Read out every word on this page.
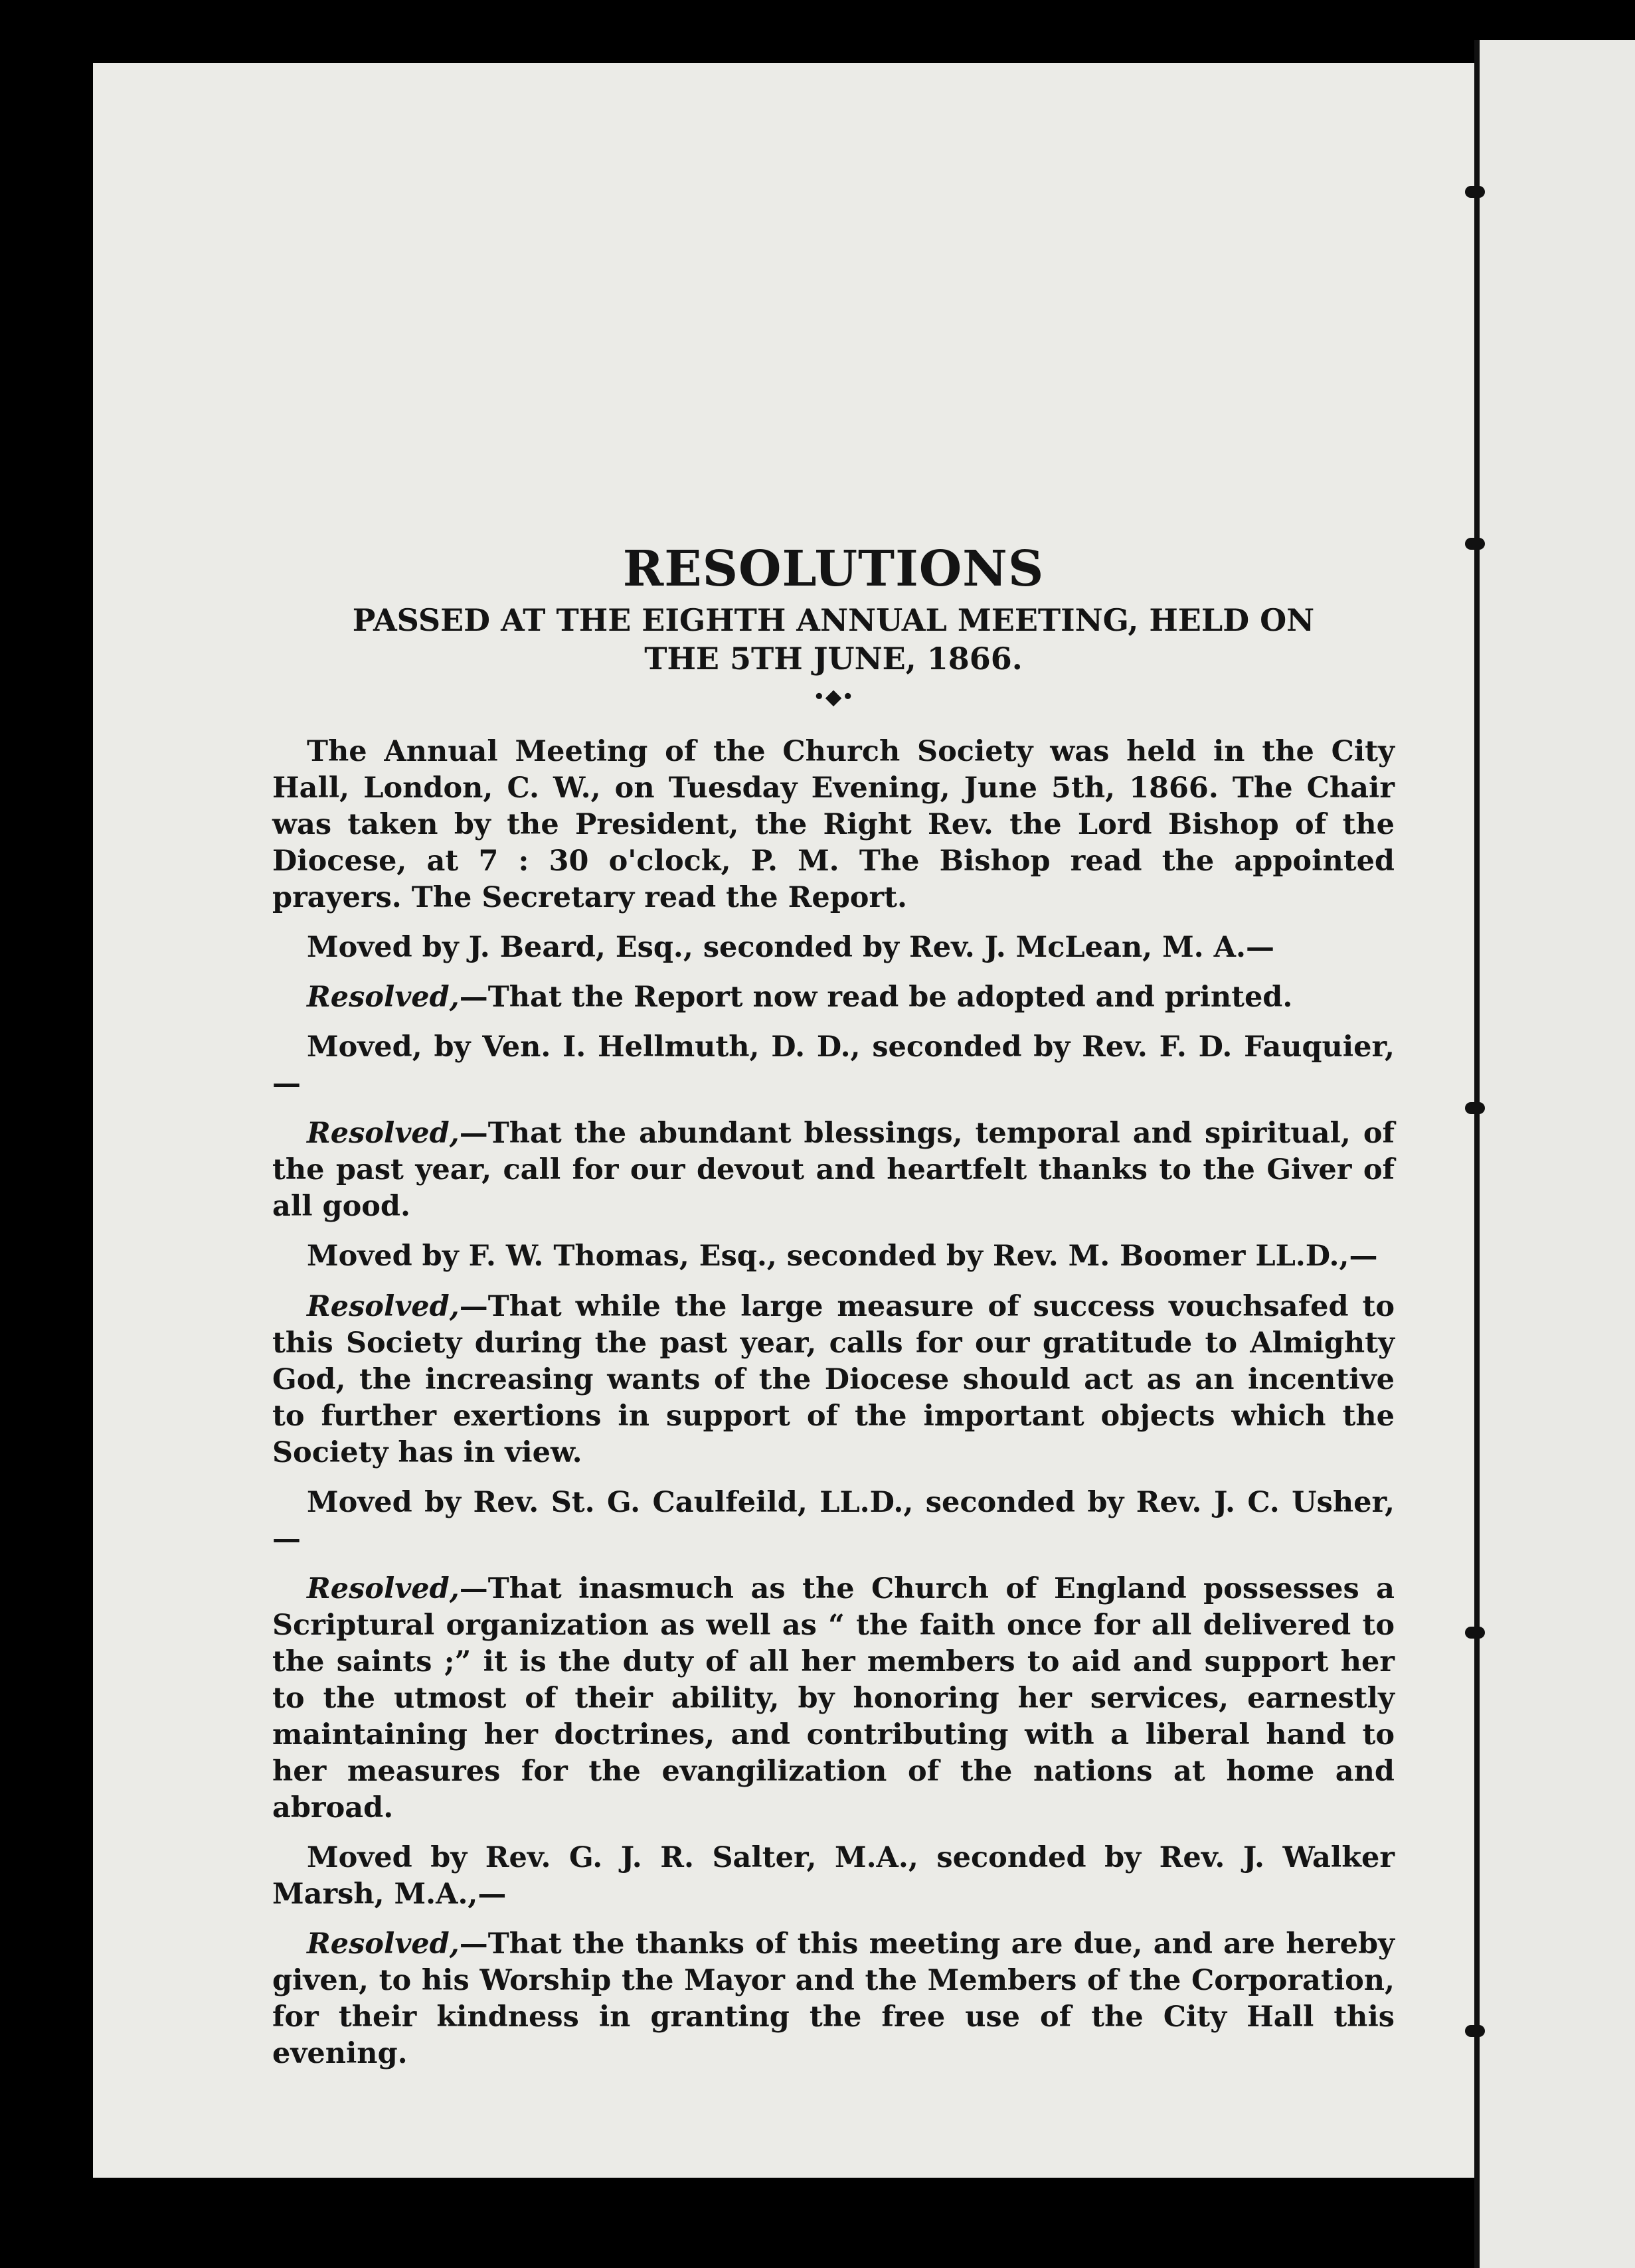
RESOLUTIONS
PASSED AT THE EIGHTH ANNUAL MEETING, HELD ON
THE 5TH JUNE, 1866.
•◆•

The Annual Meeting of the Church Society was held in the City Hall, London, C. W., on Tuesday Evening, June 5th, 1866. The Chair was taken by the President, the Right Rev. the Lord Bishop of the Diocese, at 7 : 30 o'clock, P. M. The Bishop read the appointed prayers. The Secretary read the Report.

Moved by J. Beard, Esq., seconded by Rev. J. McLean, M. A.—

Resolved,—That the Report now read be adopted and printed.

Moved, by Ven. I. Hellmuth, D. D., seconded by Rev. F. D. Fauquier,—

Resolved,—That the abundant blessings, temporal and spiritual, of the past year, call for our devout and heartfelt thanks to the Giver of all good.

Moved by F. W. Thomas, Esq., seconded by Rev. M. Boomer LL.D.,—

Resolved,—That while the large measure of success vouchsafed to this Society during the past year, calls for our gratitude to Almighty God, the increasing wants of the Diocese should act as an incentive to further exertions in support of the important objects which the Society has in view.

Moved by Rev. St. G. Caulfeild, LL.D., seconded by Rev. J. C. Usher,—

Resolved,—That inasmuch as the Church of England possesses a Scriptural organization as well as “ the faith once for all delivered to the saints ;” it is the duty of all her members to aid and support her to the utmost of their ability, by honoring her services, earnestly maintaining her doctrines, and contributing with a liberal hand to her measures for the evangilization of the nations at home and abroad.

Moved by Rev. G. J. R. Salter, M.A., seconded by Rev. J. Walker Marsh, M.A.,—

Resolved,—That the thanks of this meeting are due, and are hereby given, to his Worship the Mayor and the Members of the Corporation, for their kindness in granting the free use of the City Hall this evening.
